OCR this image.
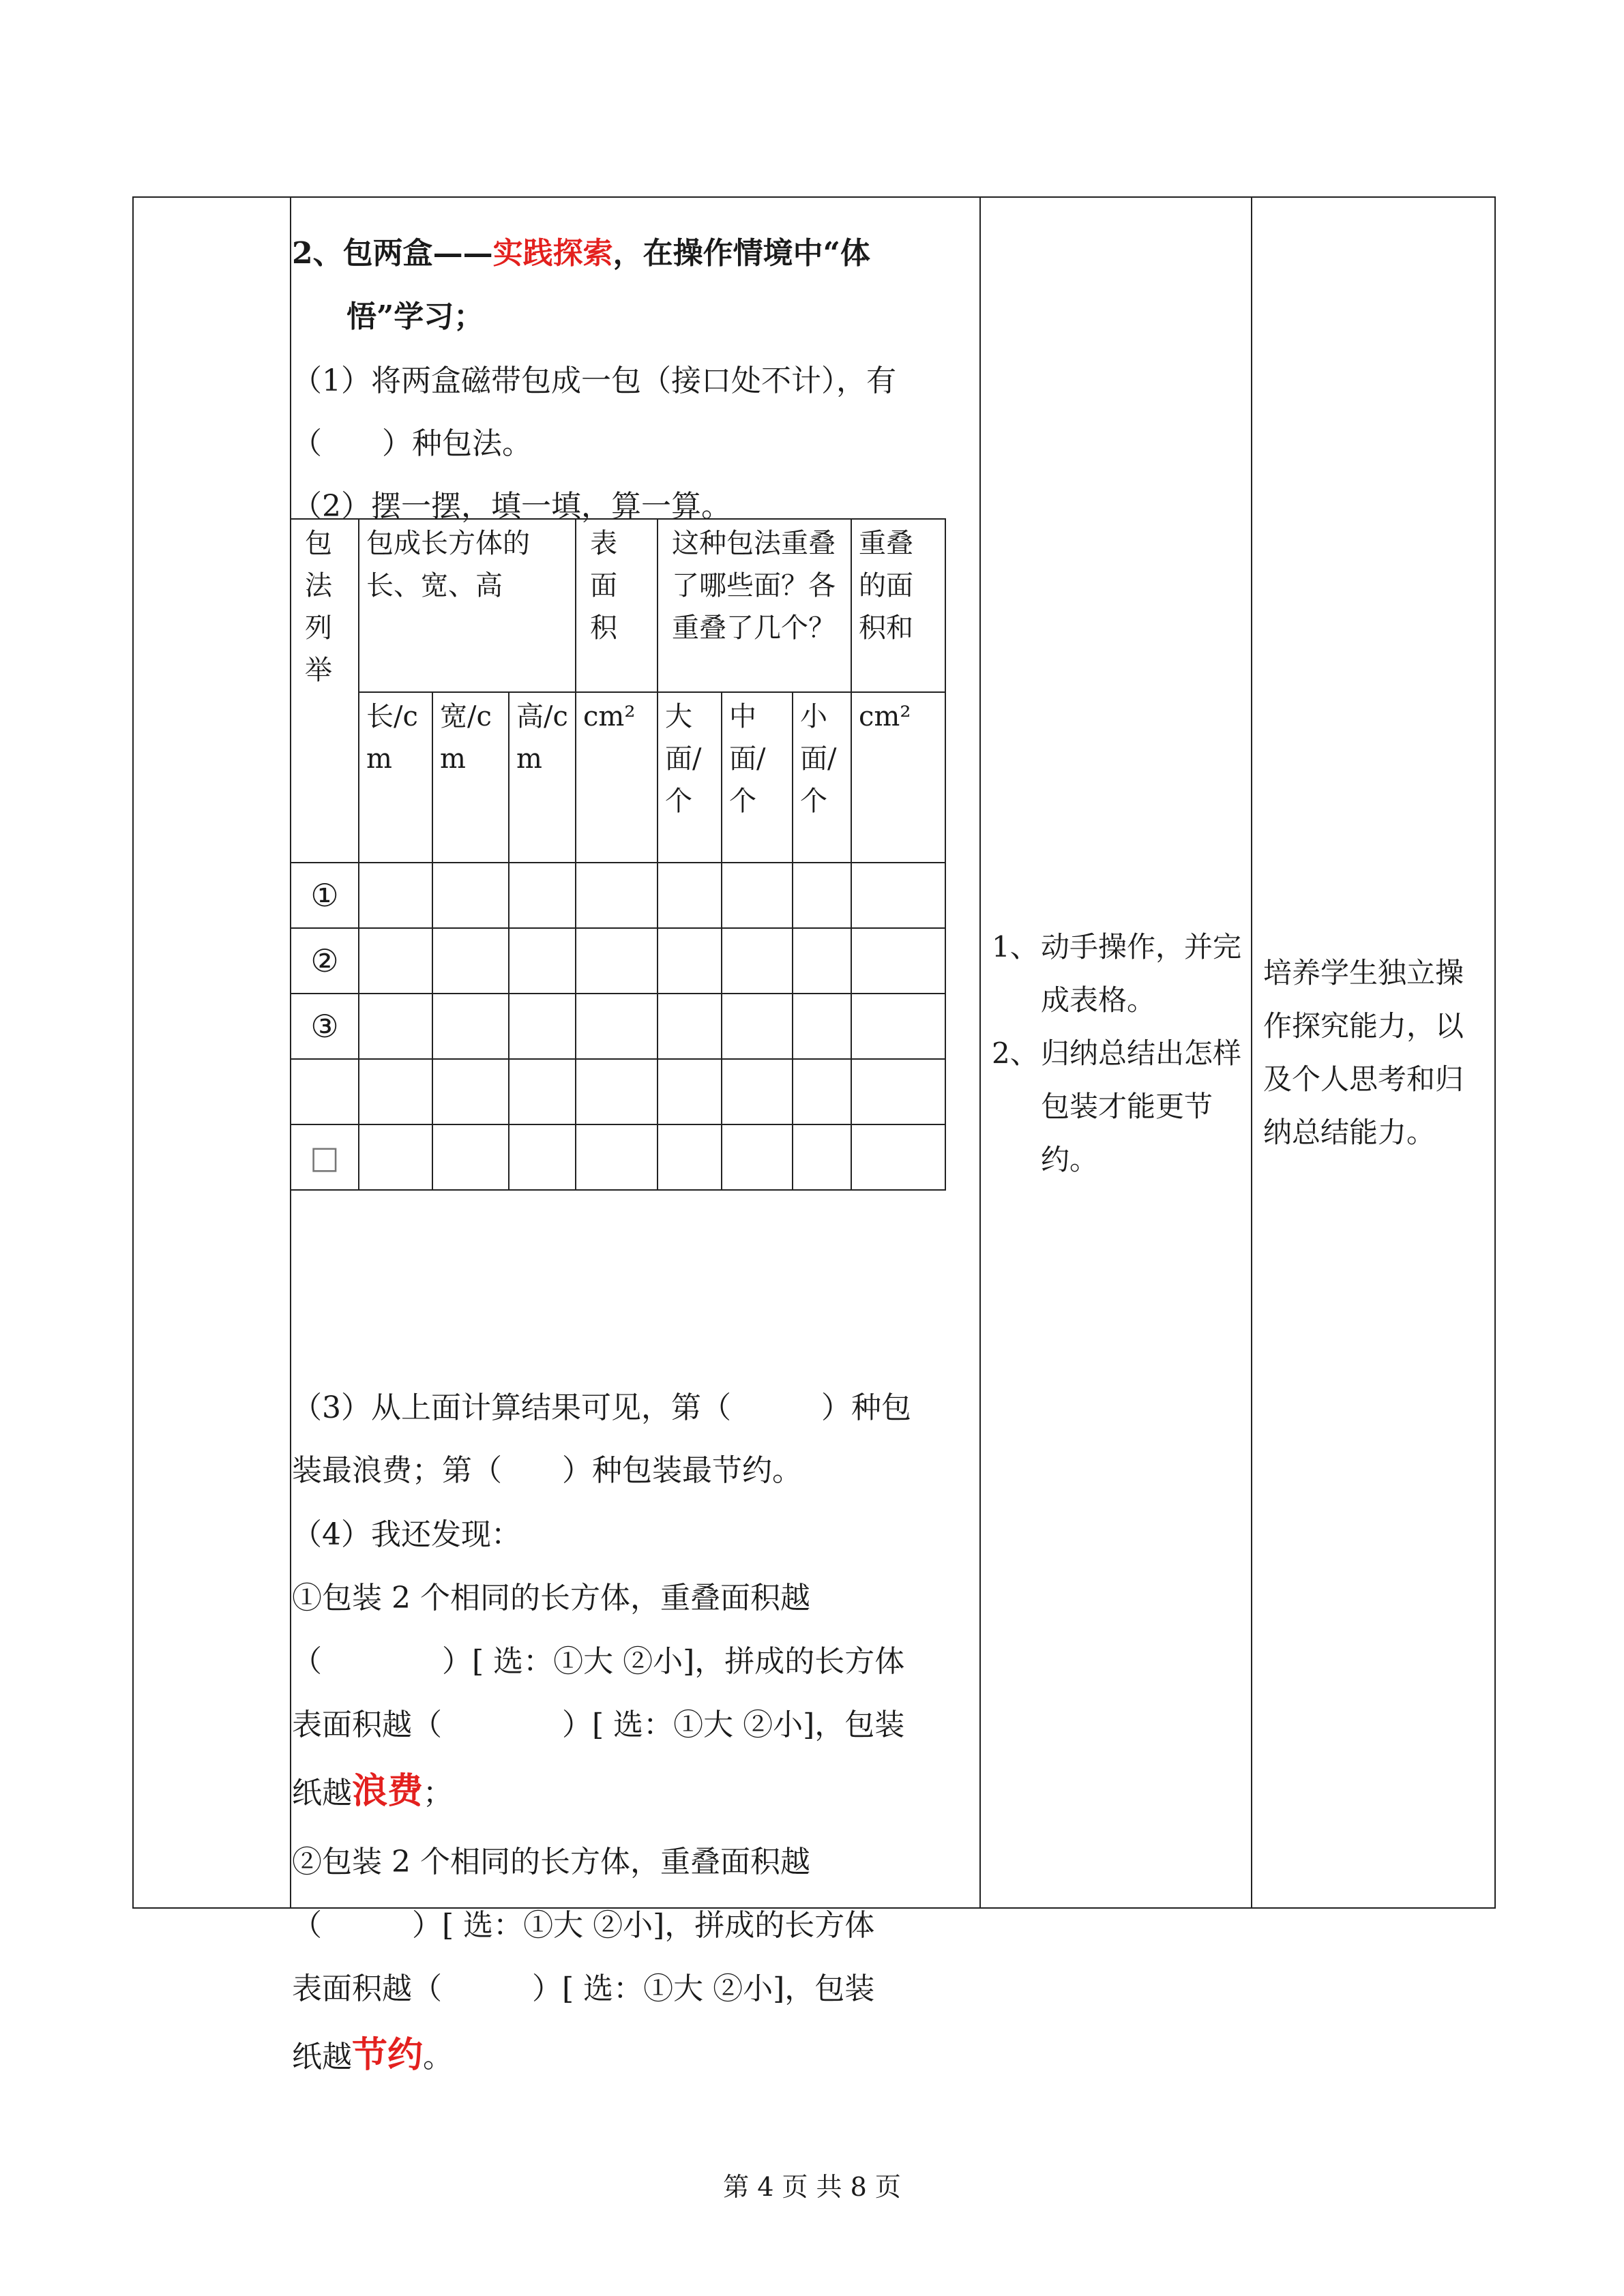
2、包两盒——实践探索，在操作情境中“体
悟”学习；
（1）将两盒磁带包成一包（接口处不计），有
（　　）种包法。
（2）摆一摆，填一填，算一算。
包法列举	包成长方体的长、宽、高			表面积	这种包法重叠了哪些面？各重叠了几个？			重叠的面积和
	长/cm	宽/cm	高/cm	cm²	大面/个	中面/个	小面/个	cm²
①								
②								
③								

□								
（3）从上面计算结果可见，第（　　　）种包
装最浪费；第（　　）种包装最节约。
（4）我还发现：
①包装 2 个相同的长方体，重叠面积越
（　　　　）[ 选：①大 ②小]，拼成的长方体
表面积越（　　　　）[ 选：①大 ②小]，包装
纸越浪费；
②包装 2 个相同的长方体，重叠面积越
（　　　）[ 选：①大 ②小]，拼成的长方体
表面积越（　　　）[ 选：①大 ②小]，包装
纸越节约。
1、 动手操作，并完成表格。
2、 归纳总结出怎样包装才能更节约。
培养学生独立操作探究能力，以及个人思考和归纳总结能力。
第 4 页 共 8 页
